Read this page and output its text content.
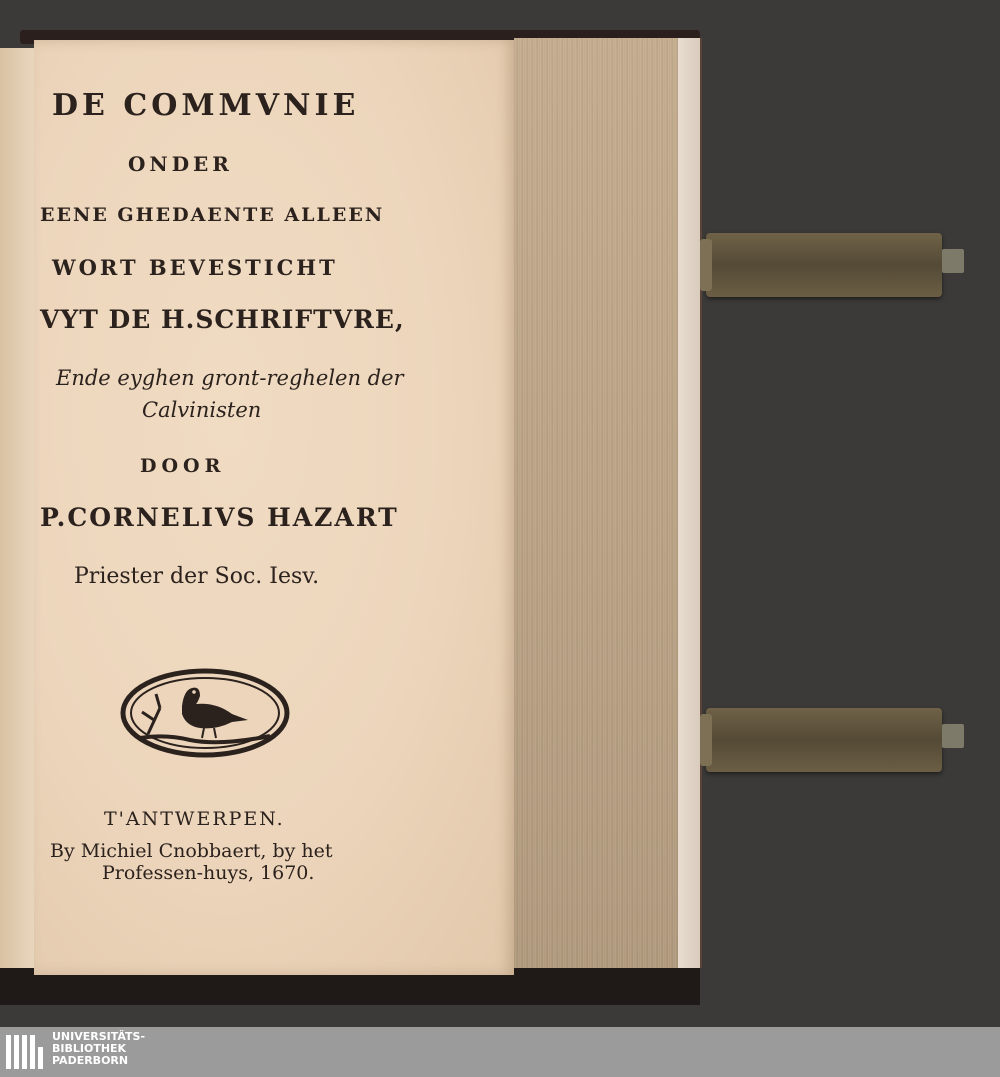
DE COMMVNIE
ONDER
EENE GHEDAENTE ALLEEN
WORT BEVESTICHT
VYT DE H.SCHRIFTVRE,
Ende eyghen gront-reghelen der
Calvinisten
DOOR
P.CORNELIVS HAZART
Priester der Soc. Iesv.
T'ANTWERPEN.
By Michiel Cnobbaert, by het
Professen-huys, 1670.
UNIVERSITÄTS-
BIBLIOTHEK
PADERBORN
